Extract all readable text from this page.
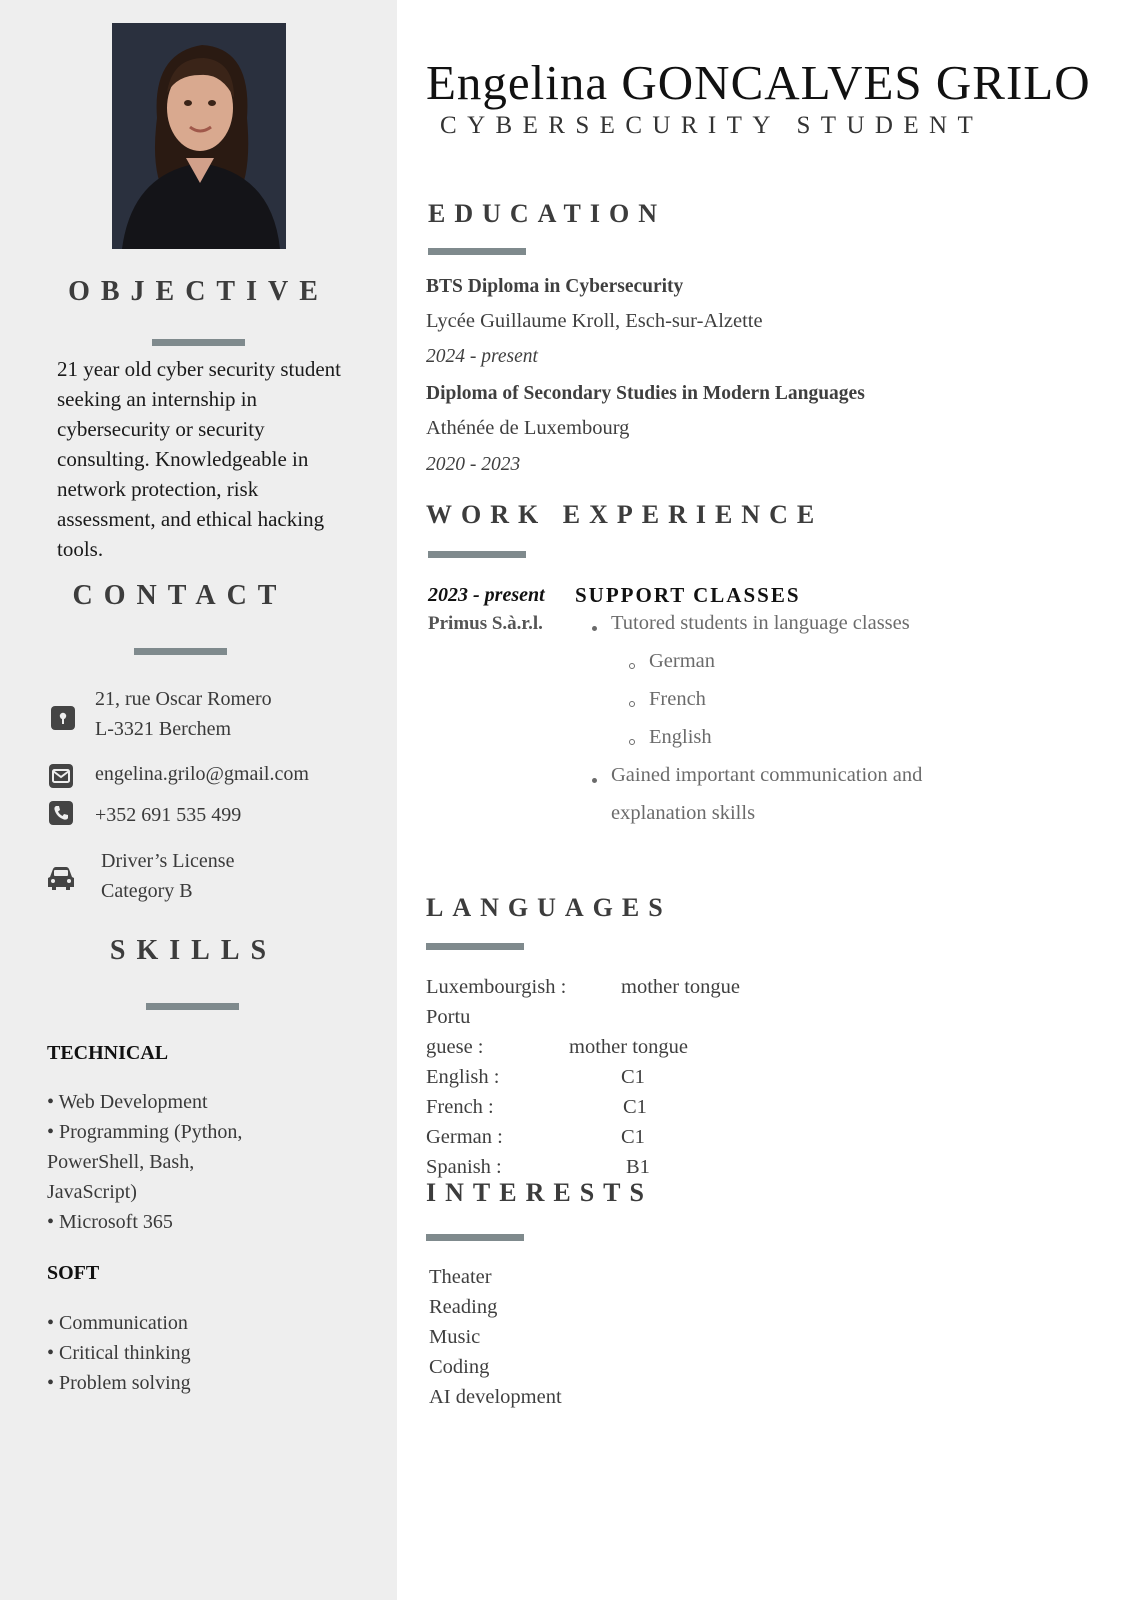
OBJECTIVE
21 year old cyber security student seeking an internship in cybersecurity or security consulting. Knowledgeable in network protection, risk assessment, and ethical hacking tools.
CONTACT
21, rue Oscar Romero
L-3321 Berchem
engelina.grilo@gmail.com
+352 691 535 499
Driver’s License
Category B
SKILLS
TECHNICAL
• Web Development
• Programming (Python,
PowerShell, Bash,
JavaScript)
• Microsoft 365
SOFT
• Communication
• Critical thinking
• Problem solving
Engelina GONCALVES GRILO
CYBERSECURITY STUDENT
EDUCATION
BTS Diploma in Cybersecurity
Lycée Guillaume Kroll, Esch-sur-Alzette
2024 - present
Diploma of Secondary Studies in Modern Languages
Athénée de Luxembourg
2020 - 2023
WORK EXPERIENCE
2023 - present
Primus S.à.r.l.
SUPPORT CLASSES
Tutored students in language classes
German
French
English
Gained important communication and
explanation skills
LANGUAGES
Luxembourgish :	mother tongue
Portu
guese :	mother tongue
English :	C1
French :	C1
German :	C1
Spanish :	B1
INTERESTS
Theater
Reading
Music
Coding
AI development
